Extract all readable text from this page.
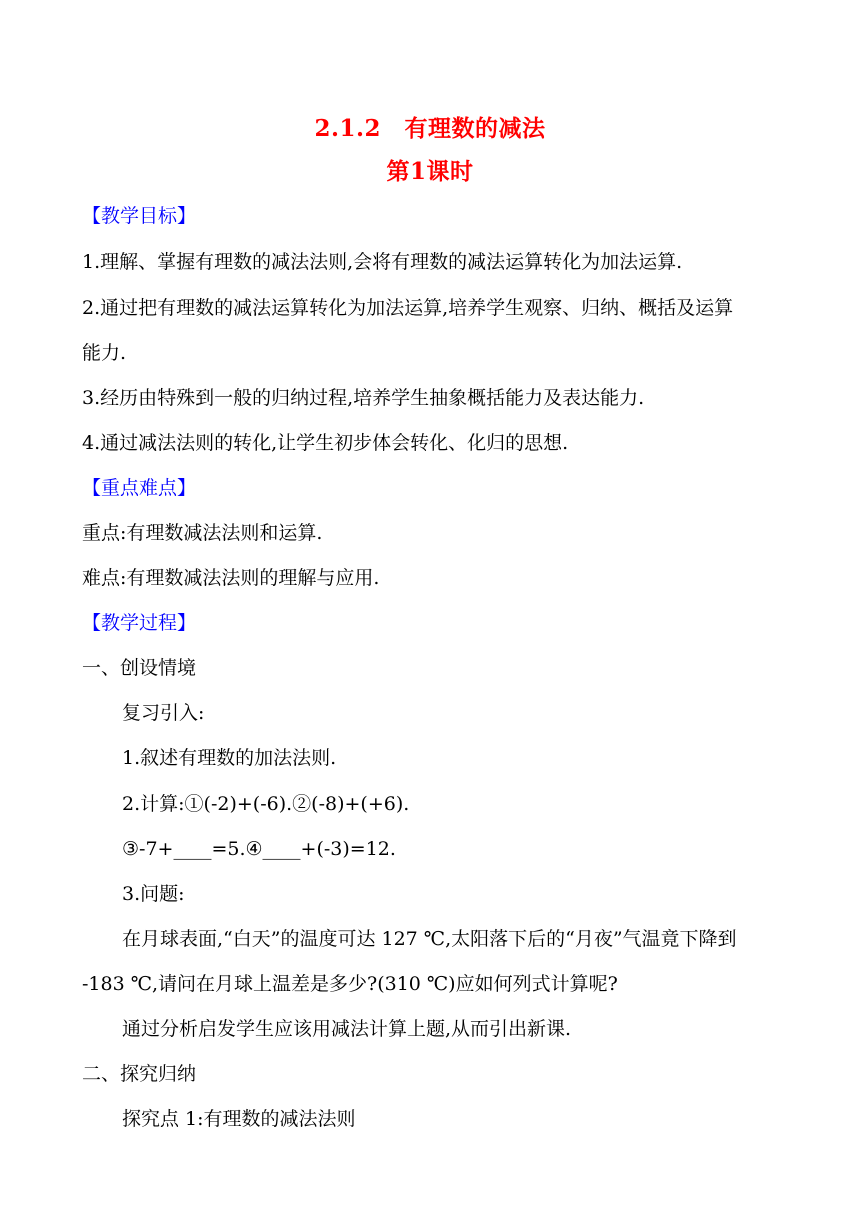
2.1.2　有理数的减法
第1课时
【教学目标】
1.理解、掌握有理数的减法法则,会将有理数的减法运算转化为加法运算.
2.通过把有理数的减法运算转化为加法运算,培养学生观察、归纳、概括及运算
能力.
3.经历由特殊到一般的归纳过程,培养学生抽象概括能力及表达能力.
4.通过减法法则的转化,让学生初步体会转化、化归的思想.
【重点难点】
重点:有理数减法法则和运算.
难点:有理数减法法则的理解与应用.
【教学过程】
一、创设情境
复习引入:
1.叙述有理数的加法法则.
2.计算:①(-2)+(-6).②(-8)+(+6).
③-7+____=5.④____+(-3)=12.
3.问题:
在月球表面,“白天”的温度可达 127 ℃,太阳落下后的“月夜”气温竟下降到
-183 ℃,请问在月球上温差是多少?(310 ℃)应如何列式计算呢?
通过分析启发学生应该用减法计算上题,从而引出新课.
二、探究归纳
探究点 1:有理数的减法法则
